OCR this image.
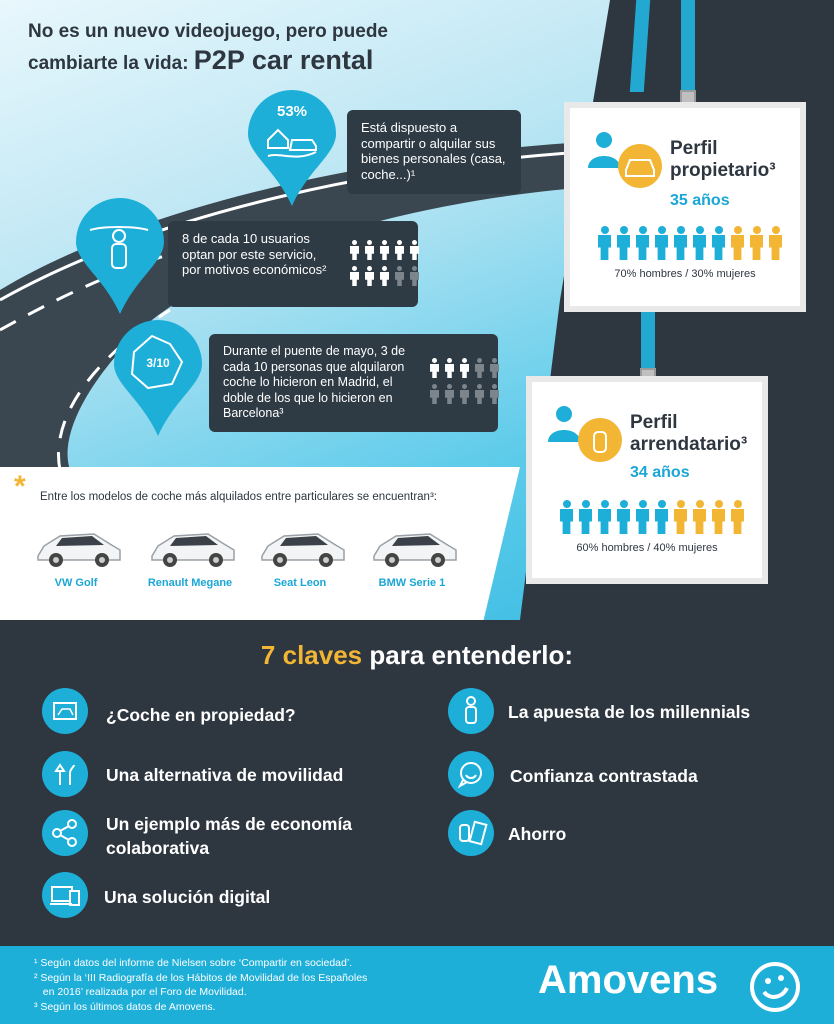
No es un nuevo videojuego, pero puede
cambiarte la vida: P2P car rental
53%
Está dispuesto a compartir o alquilar sus bienes personales (casa, coche...)¹
8 de cada 10 usuarios optan por este servicio, por motivos económicos²
3/10
Durante el puente de mayo, 3 de cada 10 personas que alquilaron coche lo hicieron en Madrid, el doble de los que lo hicieron en Barcelona³
Perfil propietario³
35 años
70% hombres / 30% mujeres
Perfil arrendatario³
34 años
60% hombres / 40% mujeres
* Entre los modelos de coche más alquilados entre particulares se encuentran³:
VW Golf	Renault Megane	Seat Leon	BMW Serie 1
7 claves para entenderlo:
¿Coche en propiedad?
Una alternativa de movilidad
Un ejemplo más de economía colaborativa
Una solución digital
La apuesta de los millennials
Confianza contrastada
Ahorro
¹ Según datos del informe de Nielsen sobre ‘Compartir en sociedad’.
² Según la ‘III Radiografía de los Hábitos de Movilidad de los Españoles
en 2016’ realizada por el Foro de Movilidad.
³ Según los últimos datos de Amovens.
Amovens
